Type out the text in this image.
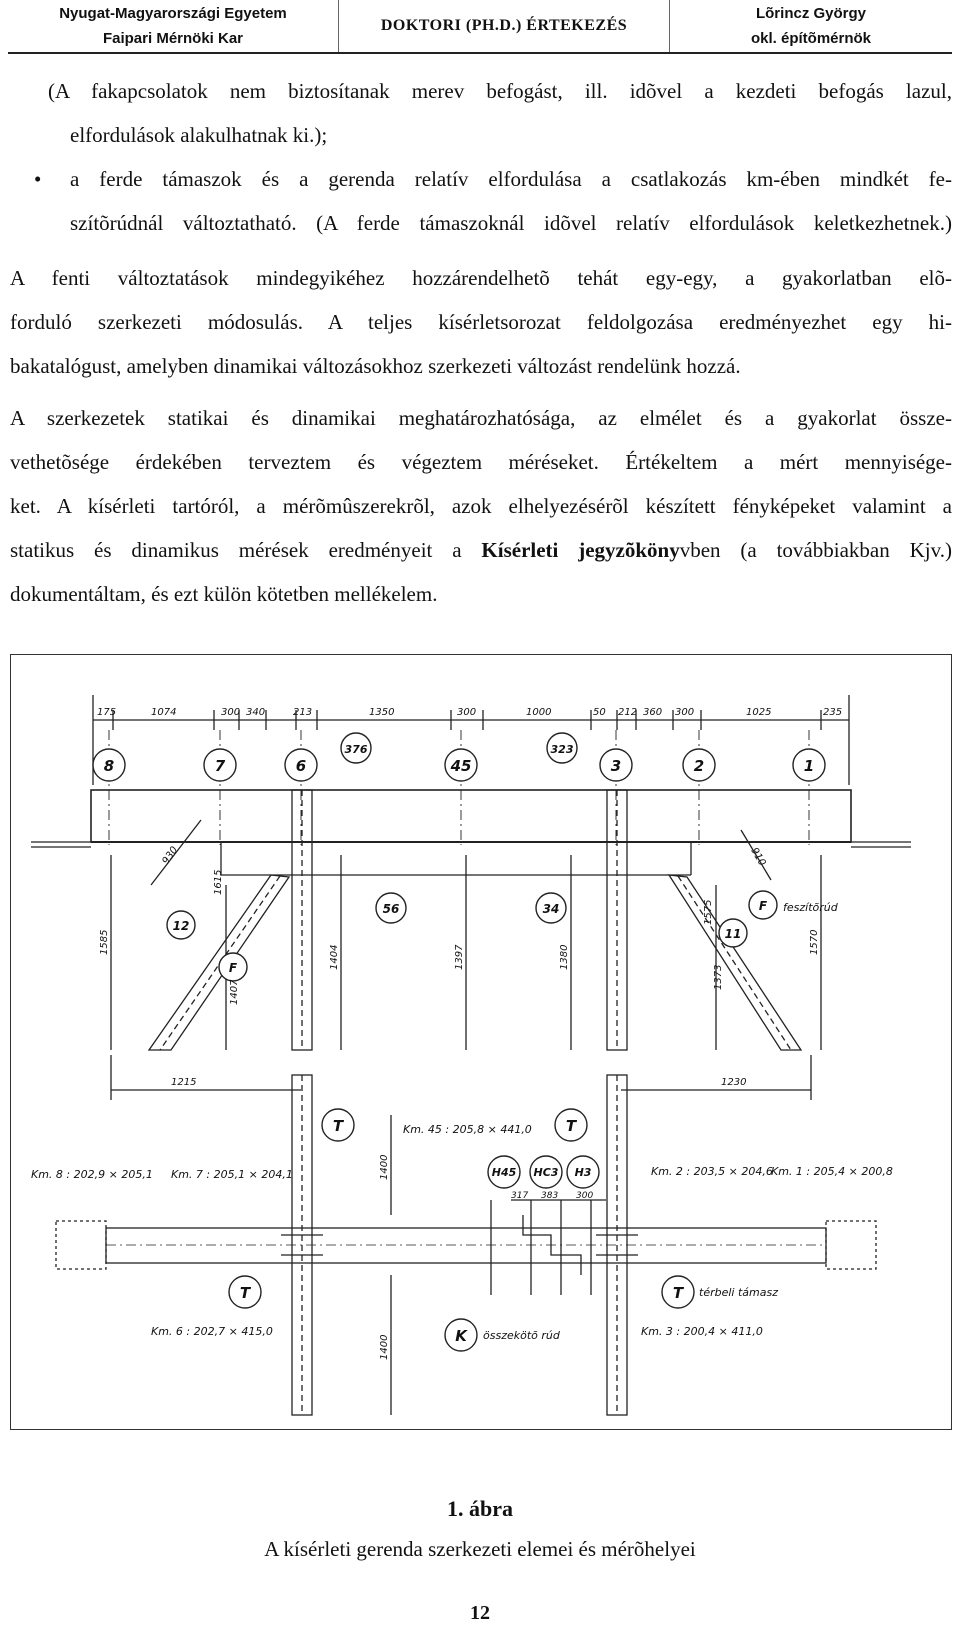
Nyugat-Magyarországi Egyetem
Faipari Mérnöki Kar
DOKTORI (PH.D.) ÉRTEKEZÉS
Lõrincz György
okl. építõmérnök
(A fakapcsolatok nem biztosítanak merev befogást, ill. idõvel a kezdeti befogás lazul,
elfordulások alakulhatnak ki.);
• a ferde támaszok és a gerenda relatív elfordulása a csatlakozás km-ében mindkét fe-
szítõrúdnál változtatható. (A ferde támaszoknál idõvel relatív elfordulások keletkezhetnek.)
A fenti változtatások mindegyikéhez hozzárendelhetõ tehát egy-egy, a gyakorlatban elõ-
forduló szerkezeti módosulás. A teljes kísérletsorozat feldolgozása eredményezhet egy hi-
bakatalógust, amelyben dinamikai változásokhoz szerkezeti változást rendelünk hozzá.
A szerkezetek statikai és dinamikai meghatározhatósága, az elmélet és a gyakorlat össze-
vethetõsége érdekében terveztem és végeztem méréseket. Értékeltem a mért mennyisége-
ket. A kísérleti tartóról, a mérõmûszerekrõl, azok elhelyezésérõl készített fényképeket valamint a
statikus és dinamikus mérések eredményeit a Kísérleti jegyzõkönyvben (a továbbiakban Kjv.)
dokumentáltam, és ezt külön kötetben mellékelem.
175	1074	300 340	213	1350	300	1000	50 212 360 300	1025	235
8	7	6	45	3	2	1
376	323
56	34
12
F
F
11
T	T
T	T
K
H45 HC3 H3
1585
930
1615
1407
1404	1397	1380
910
1575
1373
1570
feszítõrúd
1215	1230
Km. 45 : 205,8 × 441,0
Km. 8 : 202,9 × 205,1 Km. 7 : 205,1 × 204,1	Km. 2 : 203,5 × 204,6
Km. 1 : 205,4 × 200,8
Km. 6 : 202,7 × 415,0	Km. 3 : 200,4 × 411,0
317 383 300
1400
1400
térbeli támasz
összekötõ rúd
1. ábra
A kísérleti gerenda szerkezeti elemei és mérõhelyei
12
